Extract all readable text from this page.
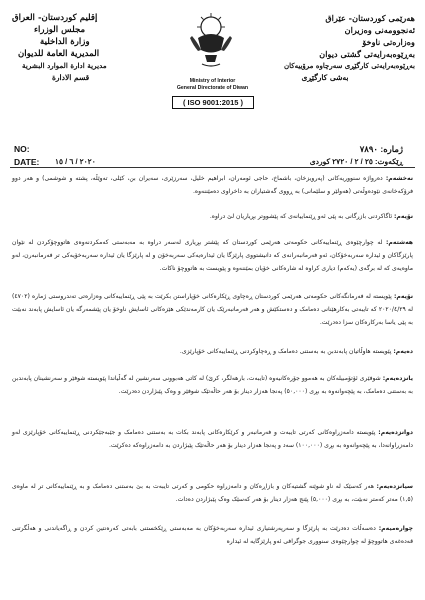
هەرێمی کوردستان- عێراق
ئەنجوومەنی وەزیران
وەزارەتی ناوخۆ
بەڕێوەبەرایەتی گشتی دیوان
بەڕێوەبەرایەتی کارگێڕی سەرچاوە مرۆییەکان
بەشی کارگێڕی
إقليم كوردستان- العراق
مجلس الوزراء
وزارة الداخلية
المديرية العامة للديوان
مديرية ادارة الموارد البشرية
قسم الادارة	Ministry of Interior
General Directorate of Diwan
( ISO 9001:2015 )
NO:
DATE: ٢٠٢٠ / ٦ / ١٥
ژمارە: ٧٨٩٠
ڕێکەوت: ٢٥ / ٢ / ٢٧٢٠ کوردی
نەخشەم: دەرواژە سنووریەکانی (پەرویزخان، باشماخ، حاجی ئومەران، ابراهیم خلیل، سەرزێری، سەیران بن، کێلی، تەوێڵە، پشتە و شوشمی) و هەر دوو فرۆکەخانەی نێودەوڵەتی (هەولێر و سلێمانی) بە ڕووی گەشتیاران بە داخراوی دەمێننەوە.
نۆیەم: ئاگاکردنی بازرگانی بە پێی ئەو ڕێنماییانەی کە پێشووتر بڕیاریان لێ دراوە.
هەشتەم: لە چوارچێوەی ڕێنماییەکانی حکومەتی هەرێمی کوردستان کە پێشتر بڕیاری لەسەر دراوە بە مەبەستی کەمکردنەوەی هاتووچۆکردن لە نێوان پارێزگاکان و ئیدارە سەربەخۆکان، ئەو فەرمانبەرانەی کە دانیشتووی پارێزگا یان ئیدارەیەکی سەربەخۆن و لە پارێزگا یان ئیدارە سەربەخۆیەکی تر فەرمانبەرن، لەو ماوەیەی کە لە برگەی (یەکەم) دیاری کراوە لە شارەکانی خۆیان بمێننەوە و پێویست بە هاتووچۆ ناکات.
نۆیەم: پێویستە لە فەرمانگەکانی حکومەتی هەرێمی کوردستان ڕەچاوی ڕێکارەکانی خۆپاراستن بکرێت بە پێی ڕێنماییەکانی وەزارەتی تەندروستی ژمارە (٤٧٠٢) لە ٢٠٢٠/٤/٢٩ کە تایبەتی بەکارهێنانی دەمامک و دەستکێش و هەر فەرمانبەرێک یان کارمەندێکی هێزەکانی ئاسایش ناوخۆ یان پێشمەرگە یان ئاسایش پابەند نەبێت بە پێی یاسا بەرکارەکان سزا دەدرێت.
دەیەم: پێویستە هاوڵاتیان پابەندبن بە بەستنی دەمامک و ڕەچاوکردنی ڕێنماییەکانی خۆپارێزی.
یانزدەیەم: شوفێری ئۆتۆمبیلەکان بە هەموو جۆرەکانیەوە (تایبەت، بارهەلگر، کرێ) لە کاتی هەبوونی سەرنشین لە گەڵیاندا پێویستە شوفێر و سەرنشینان پابەندبن بە بەستنی دەمامک، بە پێچەوانەوە بە بڕی (٥٠,٠٠٠) پەنجا هەزار دینار بۆ هەر حاڵەتێک شوفێر و وەک پێبژاردن دەدرێت.
دوانزدەیەم: پێویستە دامەزراوەکانی کەرتی تایبەت و فەرمانبەر و کرێکارەکانی پابەند بکات بە بەستنی دەمامک و جێبەجێکردنی ڕێنماییەکانی خۆپارێزی لەو دامەزراوانەدا، بە پێچەوانەوە بە بڕی (١٠٠,٠٠٠) سەد و پەنجا هەزار دینار بۆ هەر حاڵەتێک پێبژاردن بە دامەزراوەکە دەکرێت.
سیانزدەیەم: هەر کەسێک لە ناو شوێنە گشتیەکان و بازاڕەکان و دامەزراوە حکومی و کەرتی تایبەت بە بێ بەستنی دەمامک و بە ڕێنماییەکانی تر لە ماوەی (١,٥) مەتر کەمتر نەبێت، بە بڕی (٥,٠٠٠) پێنج هەزار دینار بۆ هەر کەسێک وەک پێبژاردن دەدات.
چوارەمیەم: دەسەڵات دەدرێت بە پارێزگا و سەرپەرشتیاری ئیدارە سەربەخۆکان بە مەبەستی ڕێکخستنی بابەتی کەرەنتین کردن و ڕاگەیاندنی و هەڵگرتنی قەدەغەی هاتووچۆ لە چوارچێوەی سنووری جوگرافی ئەو پارێزگایە لە ئیدارە
